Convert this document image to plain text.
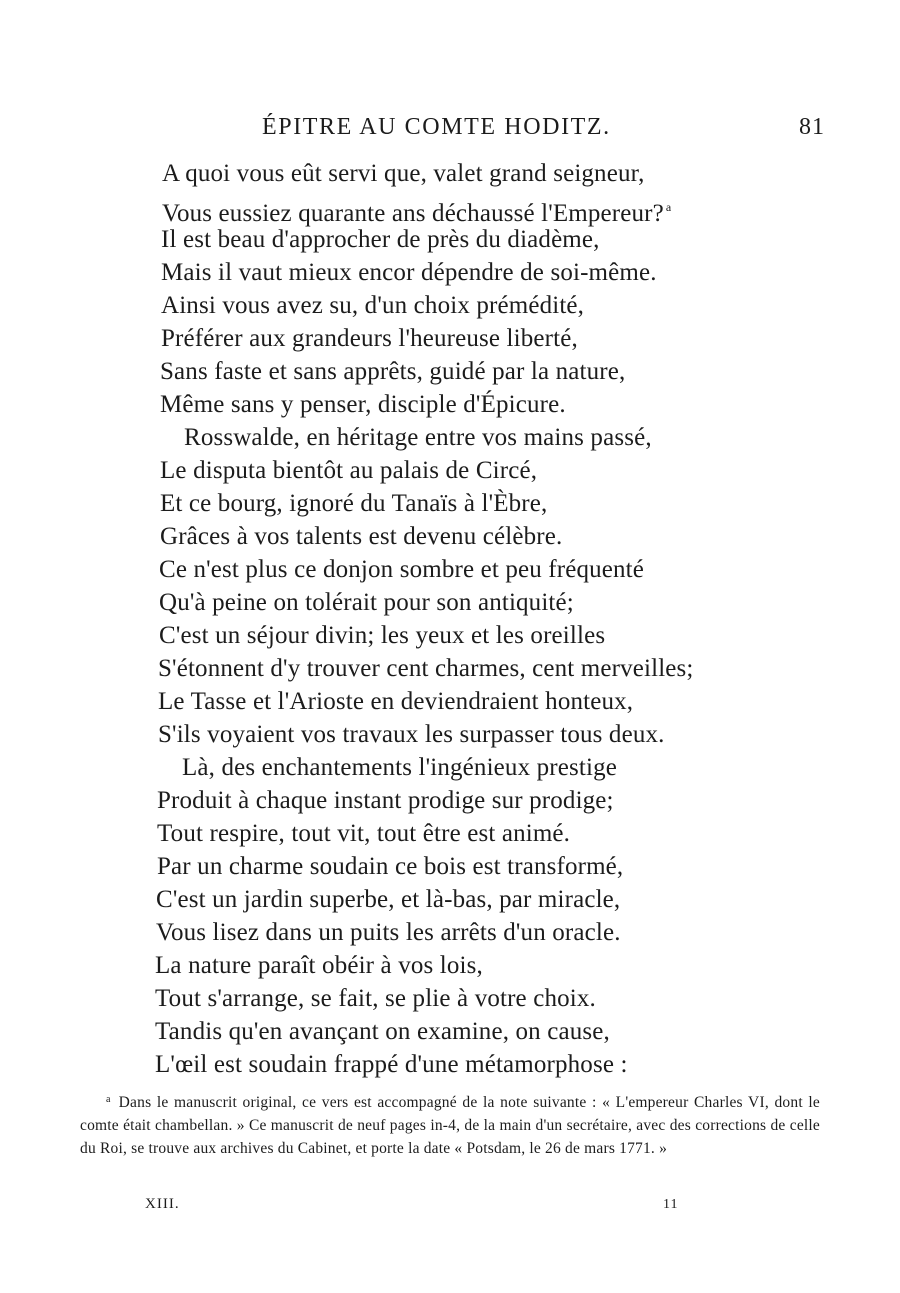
ÉPITRE AU COMTE HODITZ.	81
A quoi vous eût servi que, valet grand seigneur,
Vous eussiez quarante ans déchaussé l'Empereur? $^a$
Il est beau d'approcher de près du diadème,
Mais il vaut mieux encor dépendre de soi-même.
Ainsi vous avez su, d'un choix prémédité,
Préférer aux grandeurs l'heureuse liberté,
Sans faste et sans apprêts, guidé par la nature,
Même sans y penser, disciple d'Épicure.
Rosswalde, en héritage entre vos mains passé,
Le disputa bientôt au palais de Circé,
Et ce bourg, ignoré du Tanaïs à l'Èbre,
Grâces à vos talents est devenu célèbre.
Ce n'est plus ce donjon sombre et peu fréquenté
Qu'à peine on tolérait pour son antiquité;
C'est un séjour divin; les yeux et les oreilles
S'étonnent d'y trouver cent charmes, cent merveilles;
Le Tasse et l'Arioste en deviendraient honteux,
S'ils voyaient vos travaux les surpasser tous deux.
Là, des enchantements l'ingénieux prestige
Produit à chaque instant prodige sur prodige;
Tout respire, tout vit, tout être est animé.
Par un charme soudain ce bois est transformé,
C'est un jardin superbe, et là-bas, par miracle,
Vous lisez dans un puits les arrêts d'un oracle.
La nature paraît obéir à vos lois,
Tout s'arrange, se fait, se plie à votre choix.
Tandis qu'en avançant on examine, on cause,
L'œil est soudain frappé d'une métamorphose :
$^a$ Dans le manuscrit original, ce vers est accompagné de la note suivante : « L'empereur Charles VI, dont le comte était chambellan. » Ce manuscrit de neuf pages in-4, de la main d'un secrétaire, avec des corrections de celle du Roi, se trouve aux archives du Cabinet, et porte la date « Potsdam, le 26 de mars 1771. »
XIII.	11
